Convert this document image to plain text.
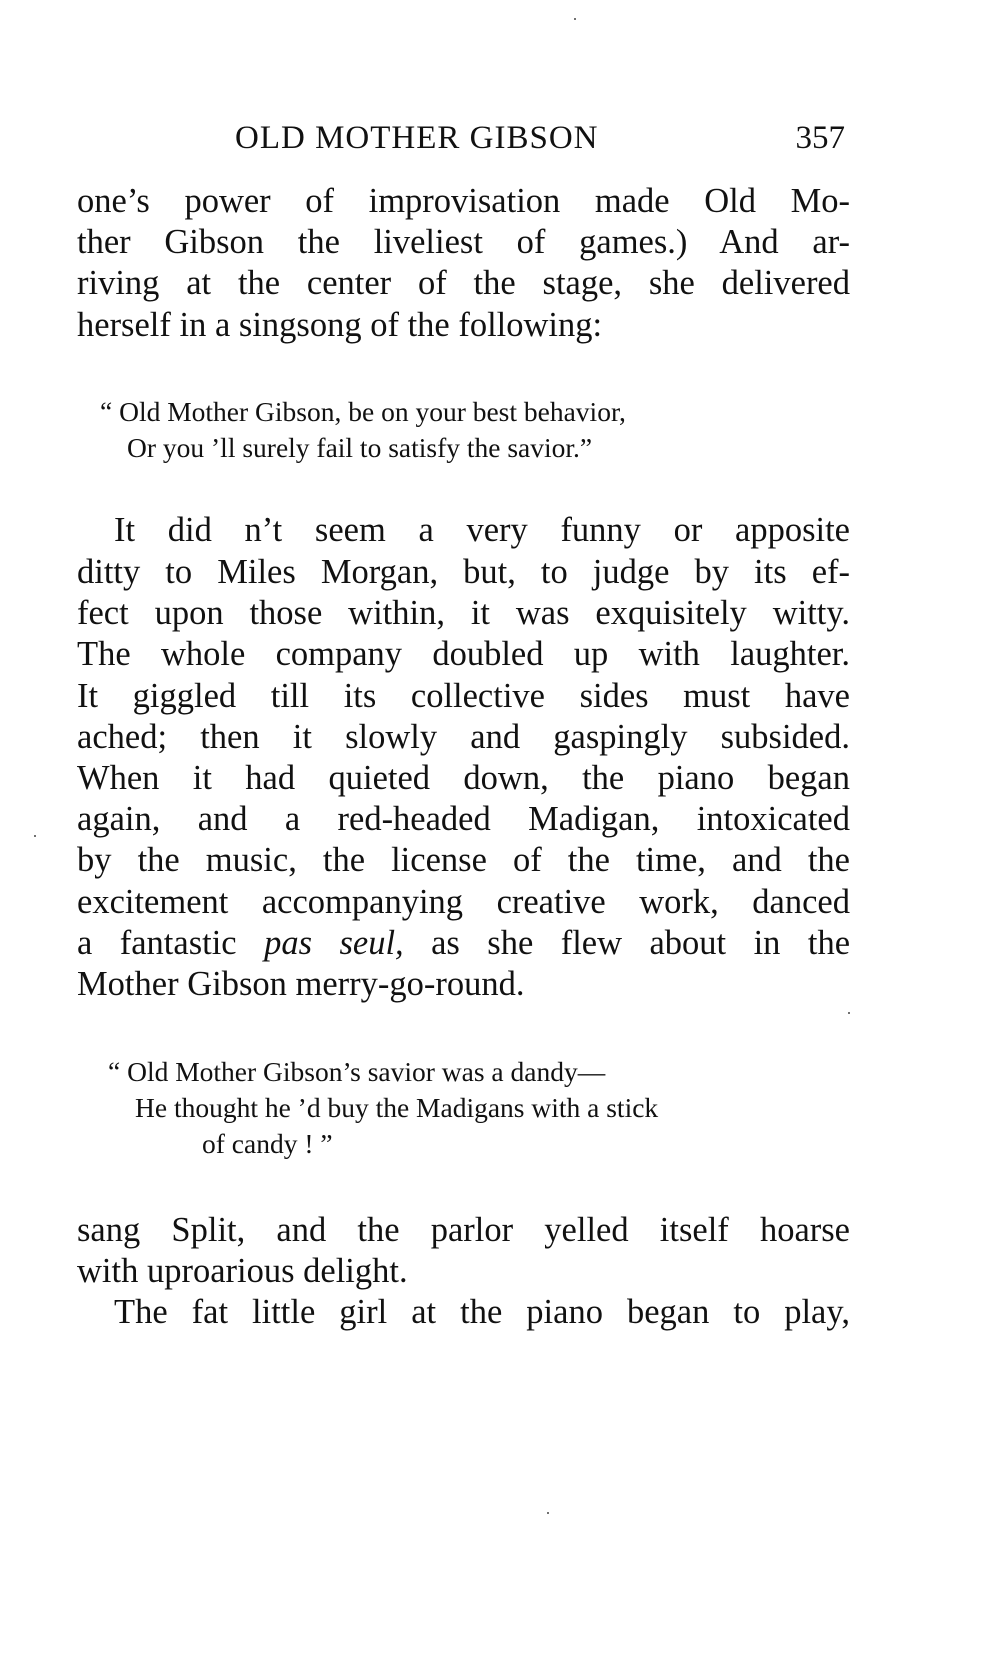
OLD MOTHER GIBSON	357
one’s power of improvisation made Old Mo-
ther Gibson the liveliest of games.) And ar-
riving at the center of the stage, she delivered
herself in a singsong of the following:
“ Old Mother Gibson, be on your best behavior,
Or you ’ll surely fail to satisfy the savior.”
It did n’t seem a very funny or apposite
ditty to Miles Morgan, but, to judge by its ef-
fect upon those within, it was exquisitely witty.
The whole company doubled up with laughter.
It giggled till its collective sides must have
ached; then it slowly and gaspingly subsided.
When it had quieted down, the piano began
again, and a red-headed Madigan, intoxicated
by the music, the license of the time, and the
excitement accompanying creative work, danced
a fantastic pas seul, as she flew about in the
Mother Gibson merry-go-round.
“ Old Mother Gibson’s savior was a dandy—
He thought he ’d buy the Madigans with a stick
of candy ! ”
sang Split, and the parlor yelled itself hoarse
with uproarious delight.
The fat little girl at the piano began to play,
